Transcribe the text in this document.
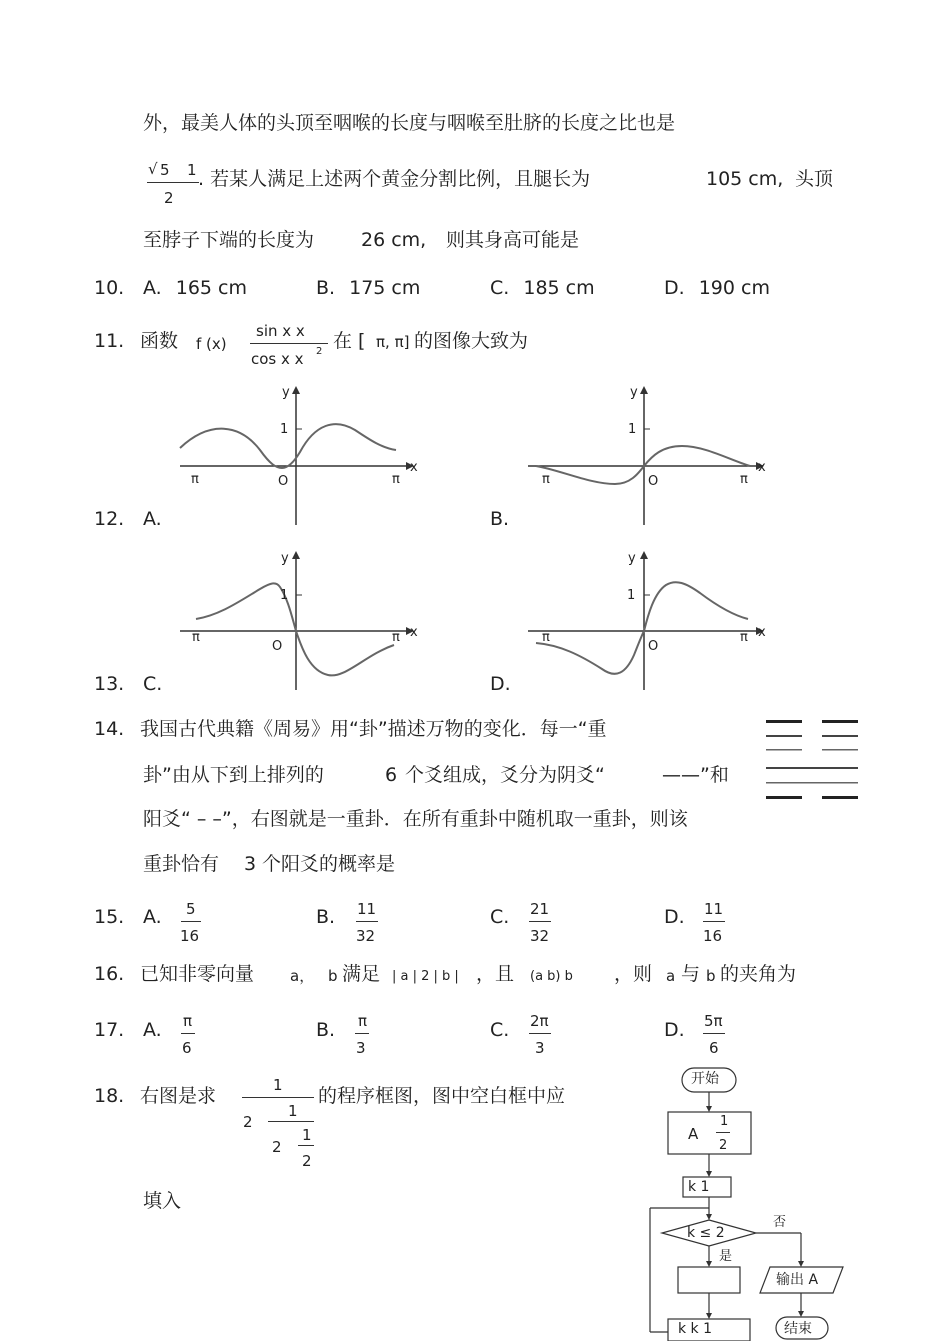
外，最美人体的头顶至咽喉的长度与咽喉至肚脐的长度之比也是
√ 5 1
2
. 若某人满足上述两个黄金分割比例，且腿长为	105 cm, 头顶
至脖子下端的长度为 26 cm, 则其身高可能是
10. A. 165 cm	B. 175 cm	C. 185 cm	D. 190 cm
11. 函数 f (x)
sin x x
cos x x 2 在 [ π, π] 的图像大致为
y
1
x
π	O	π
y
1
x
π	O	π
12. A.	B.
y
1
x
π
O
π
y
1
x
π
O
π
13. C.	D.
14. 我国古代典籍《周易》用“卦”描述万物的变化．每一“重
卦”由从下到上排列的	6 个爻组成，爻分为阴爻“	——”和
阳爻“ – –”，右图就是一重卦．在所有重卦中随机取一重卦，则该
重卦恰有 3 个阳爻的概率是
15. A. 5
16
B. 11
32
C. 21
32
D. 11
16
16. 已知非零向量 a， b 满足 | a | 2 | b | ，且 (a b) b ，则 a 与 b 的夹角为
17. A. π
6
B. π
3
C. 2π
3
D. 5π
6
18. 右图是求	1
2
1
2
1
2
的程序框图，图中空白框中应
填入
开始
A
1
2
k 1
k ≤ 2
是
否
输出 A
k k 1	结束
